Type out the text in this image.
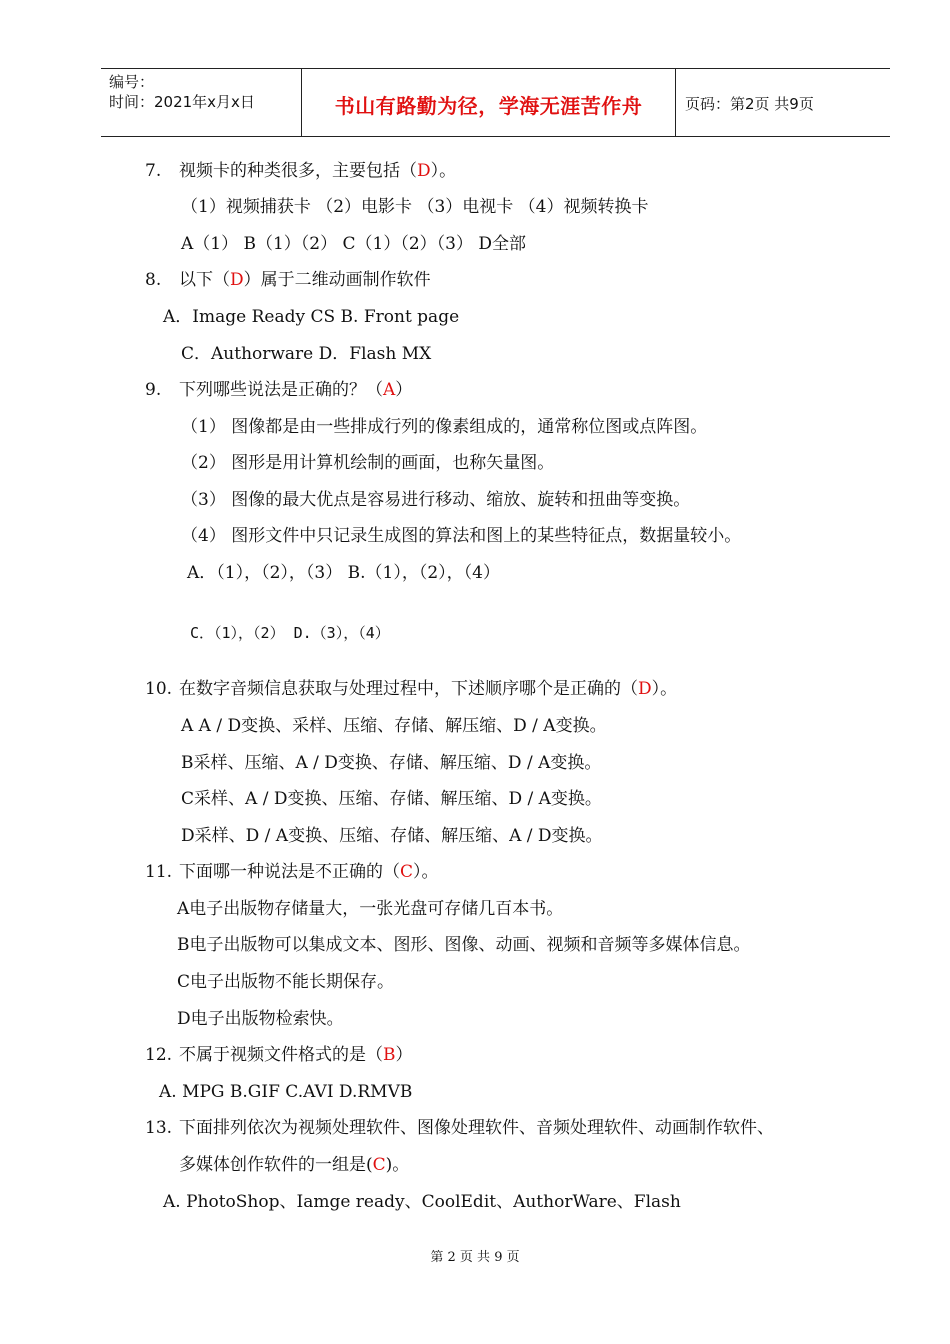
编号：
时间：2021年x月x日	书山有路勤为径，学海无涯苦作舟	页码：第2页 共9页
7. 视频卡的种类很多，主要包括（D）。
（1）视频捕获卡 （2）电影卡 （3）电视卡 （4）视频转换卡
A（1） B（1）（2） C（1）（2）（3） D全部
8. 以下（D）属于二维动画制作软件
A．Image Ready CS B. Front page
C．Authorware D．Flash MX
9. 下列哪些说法是正确的？（A）
（1） 图像都是由一些排成行列的像素组成的，通常称位图或点阵图。
（2） 图形是用计算机绘制的画面，也称矢量图。
（3） 图像的最大优点是容易进行移动、缩放、旋转和扭曲等变换。
（4） 图形文件中只记录生成图的算法和图上的某些特征点，数据量较小。
A．（1），（2），（3） B.（1），（2），（4）
C．（1），（2） D.（3），（4）
10. 在数字音频信息获取与处理过程中，下述顺序哪个是正确的（D）。
A A / D变换、采样、压缩、存储、解压缩、D / A变换。
B采样、压缩、A / D变换、存储、解压缩、D / A变换。
C采样、A / D变换、压缩、存储、解压缩、D / A变换。
D采样、D / A变换、压缩、存储、解压缩、A / D变换。
11. 下面哪一种说法是不正确的（C）。
A电子出版物存储量大，一张光盘可存储几百本书。
B电子出版物可以集成文本、图形、图像、动画、视频和音频等多媒体信息。
C电子出版物不能长期保存。
D电子出版物检索快。
12. 不属于视频文件格式的是（B）
A. MPG B.GIF C.AVI D.RMVB
13. 下面排列依次为视频处理软件、图像处理软件、音频处理软件、动画制作软件、
多媒体创作软件的一组是(C)。
A. PhotoShop、Iamge ready、CoolEdit、AuthorWare、Flash
第 2 页 共 9 页
